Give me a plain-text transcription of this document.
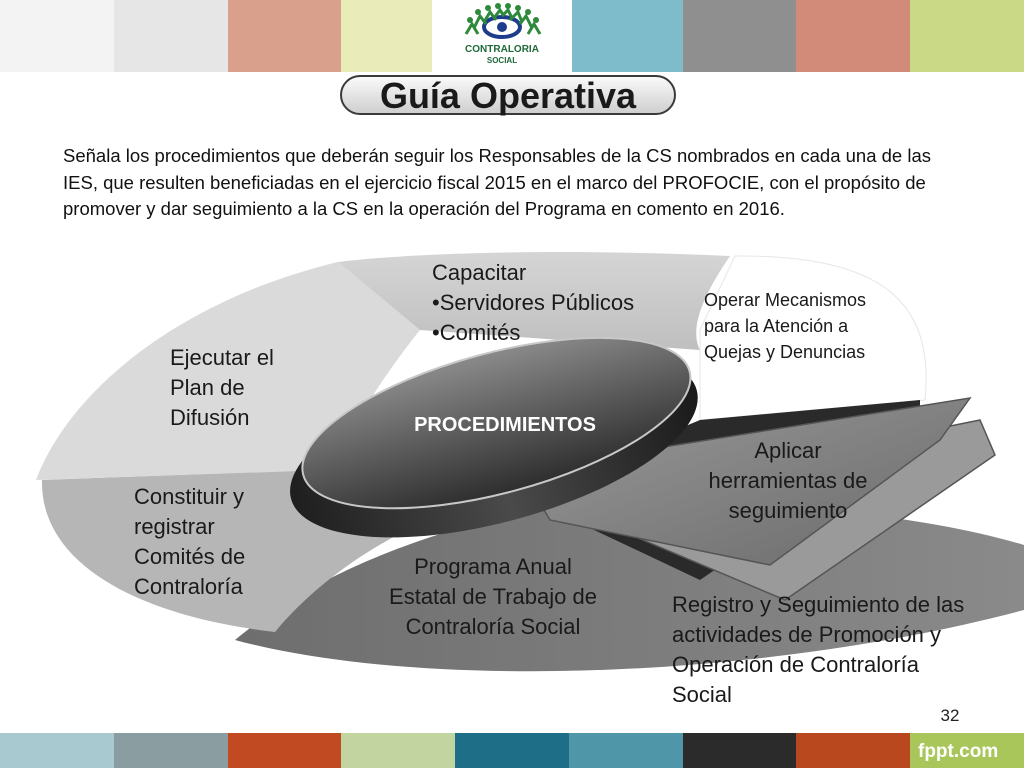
CONTRALORIA
SOCIAL
Guía Operativa
Señala los procedimientos que deberán seguir los Responsables de la CS nombrados en cada una de las IES, que resulten beneficiadas en el ejercicio fiscal 2015 en el marco del PROFOCIE, con el propósito de promover y dar seguimiento a la CS en la operación del Programa en comento en 2016.
PROCEDIMIENTOS
Capacitar
•Servidores Públicos
•Comités
Operar Mecanismos
para la Atención a
Quejas y Denuncias
Ejecutar el
Plan de
Difusión
Aplicar
herramientas de
seguimiento
Constituir y
registrar
Comités de
Contraloría
Programa Anual
Estatal de Trabajo de
Contraloría Social
Registro y Seguimiento de las
actividades de Promoción y
Operación de Contraloría
Social
32
fppt.com
